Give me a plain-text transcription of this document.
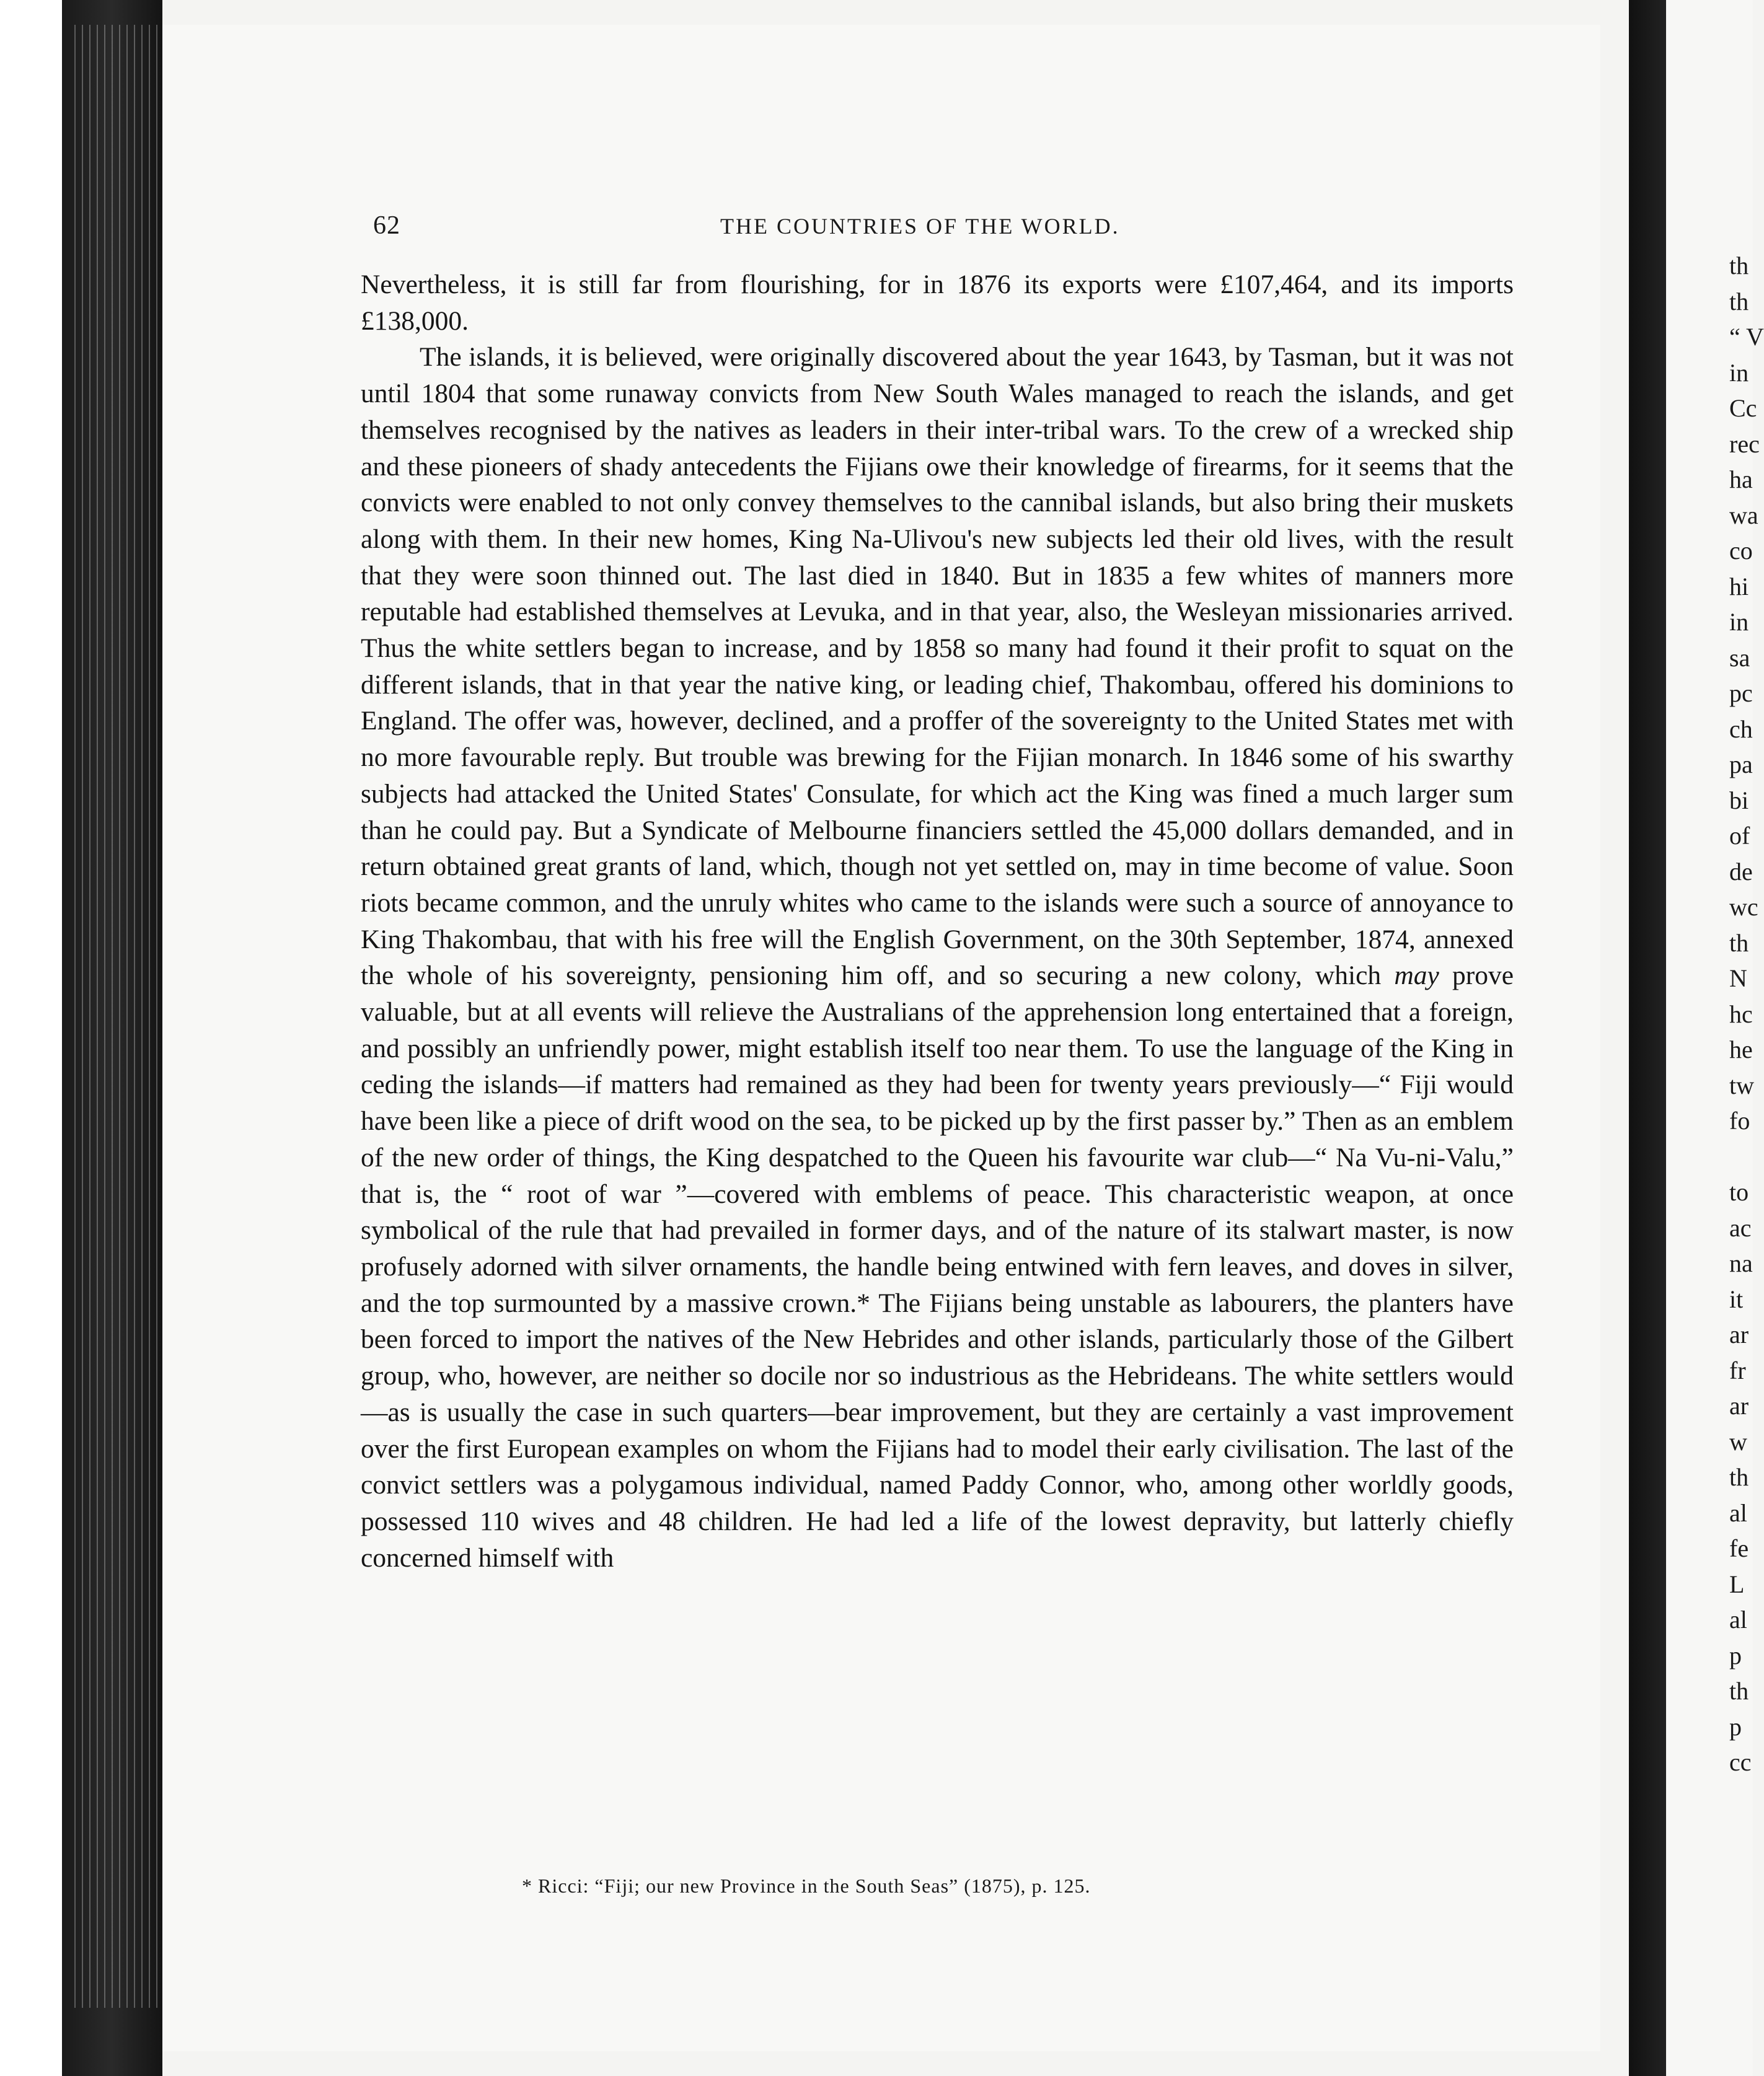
62	THE COUNTRIES OF THE WORLD.

Nevertheless, it is still far from flourishing, for in 1876 its exports were £107,464, and its imports £138,000.

The islands, it is believed, were originally discovered about the year 1643, by Tasman, but it was not until 1804 that some runaway convicts from New South Wales managed to reach the islands, and get themselves recognised by the natives as leaders in their inter-tribal wars. To the crew of a wrecked ship and these pioneers of shady antecedents the Fijians owe their knowledge of firearms, for it seems that the convicts were enabled to not only convey themselves to the cannibal islands, but also bring their muskets along with them. In their new homes, King Na-Ulivou's new subjects led their old lives, with the result that they were soon thinned out. The last died in 1840. But in 1835 a few whites of manners more reputable had established themselves at Levuka, and in that year, also, the Wesleyan missionaries arrived. Thus the white settlers began to increase, and by 1858 so many had found it their profit to squat on the different islands, that in that year the native king, or leading chief, Thakombau, offered his dominions to England. The offer was, however, declined, and a proffer of the sovereignty to the United States met with no more favourable reply. But trouble was brewing for the Fijian monarch. In 1846 some of his swarthy subjects had attacked the United States' Consulate, for which act the King was fined a much larger sum than he could pay. But a Syndicate of Melbourne financiers settled the 45,000 dollars demanded, and in return obtained great grants of land, which, though not yet settled on, may in time become of value. Soon riots became common, and the unruly whites who came to the islands were such a source of annoyance to King Thakombau, that with his free will the English Government, on the 30th September, 1874, annexed the whole of his sovereignty, pensioning him off, and so securing a new colony, which may prove valuable, but at all events will relieve the Australians of the apprehension long entertained that a foreign, and possibly an unfriendly power, might establish itself too near them. To use the language of the King in ceding the islands—if matters had remained as they had been for twenty years previously—“ Fiji would have been like a piece of drift wood on the sea, to be picked up by the first passer by.” Then as an emblem of the new order of things, the King despatched to the Queen his favourite war club—“ Na Vu-ni-Valu,” that is, the “ root of war ”—covered with emblems of peace. This characteristic weapon, at once symbolical of the rule that had prevailed in former days, and of the nature of its stalwart master, is now profusely adorned with silver ornaments, the handle being entwined with fern leaves, and doves in silver, and the top surmounted by a massive crown.* The Fijians being unstable as labourers, the planters have been forced to import the natives of the New Hebrides and other islands, particularly those of the Gilbert group, who, however, are neither so docile nor so industrious as the Hebrideans. The white settlers would—as is usually the case in such quarters—bear improvement, but they are certainly a vast improvement over the first European examples on whom the Fijians had to model their early civilisation. The last of the convict settlers was a polygamous individual, named Paddy Connor, who, among other worldly goods, possessed 110 wives and 48 children. He had led a life of the lowest depravity, but latterly chiefly concerned himself with

* Ricci: “Fiji; our new Province in the South Seas” (1875), p. 125.
th
th
“ V
in
Cc
rec
ha
wa
co
hi
in
sa
pc
ch
pa
bi
of
de
wc
th
N
hc
he
tw
fo
to
ac
na
it
ar
fr
ar
w
th
al
fe
L
al
p
th
p
cc
